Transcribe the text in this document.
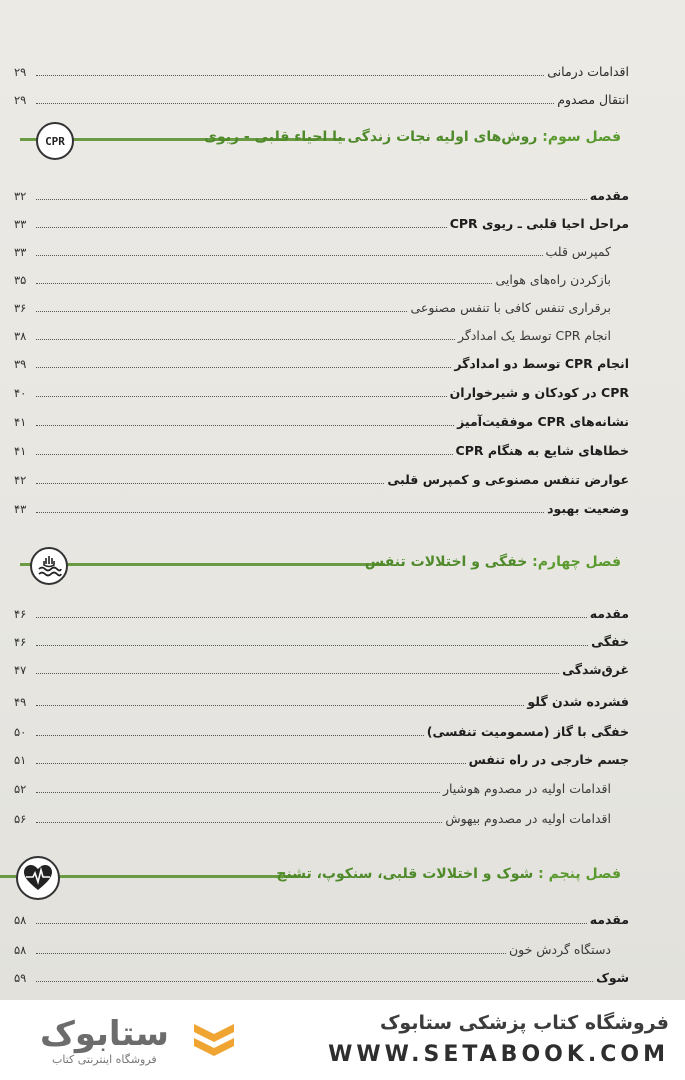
اقدامات درمانی
۲۹
انتقال مصدوم
۲۹
CPR	فصل سوم: روش‌های اولیه نجات زندگی یا احیاء قلبی - ریوی
مقدمه
۳۲
مراحل احیا قلبی ـ ریوی CPR
۳۳
کمپرس قلب
۳۳
بازکردن راه‌های هوایی
۳۵
برقراری تنفس کافی با تنفس مصنوعی
۳۶
انجام CPR توسط یک امدادگر
۳۸
انجام CPR توسط دو امدادگر
۳۹
CPR در کودکان و شیرخواران
۴۰
نشانه‌های CPR موفقیت‌آمیز
۴۱
خطاهای شایع به هنگام CPR
۴۱
عوارض تنفس مصنوعی و کمپرس قلبی
۴۲
وضعیت بهبود
۴۳
فصل چهارم: خفگی و اختلالات تنفس
مقدمه
۴۶
خفگی
۴۶
غرق‌شدگی
۴۷
فشرده شدن گلو
۴۹
خفگی با گاز (مسمومیت تنفسی)
۵۰
جسم خارجی در راه تنفس
۵۱
اقدامات اولیه در مصدوم هوشیار
۵۲
اقدامات اولیه در مصدوم بیهوش
۵۶
فصل پنجم : شوک و اختلالات قلبی، سنکوپ، تشنج
مقدمه
۵۸
دستگاه گردش خون
۵۸
شوک
۵۹
ستابوک
فروشگاه اینترنتی کتاب
فروشگاه کتاب پزشکی ستابوک
WWW.SETABOOK.COM
